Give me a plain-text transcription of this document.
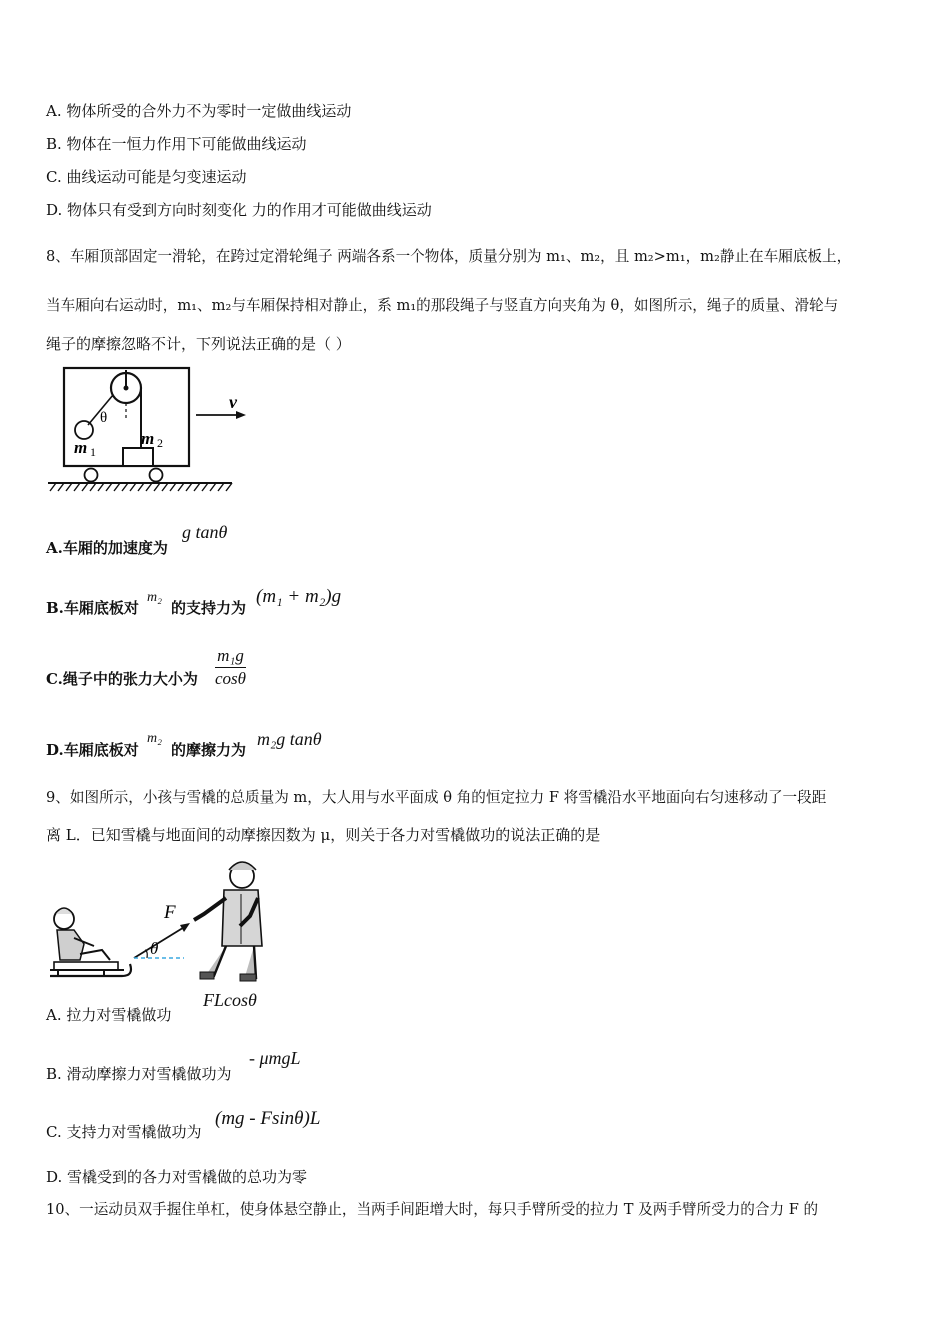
A. 物体所受的合外力不为零时一定做曲线运动
B. 物体在一恒力作用下可能做曲线运动
C. 曲线运动可能是匀变速运动
D. 物体只有受到方向时刻变化 力的作用才可能做曲线运动
8、车厢顶部固定一滑轮，在跨过定滑轮绳子 两端各系一个物体，质量分别为 m₁、m₂，且 m₂>m₁，m₂静止在车厢底板上，
当车厢向右运动时，m₁、m₂与车厢保持相对静止，系 m₁的那段绳子与竖直方向夹角为 θ，如图所示，绳子的质量、滑轮与
绳子的摩擦忽略不计，下列说法正确的是（ ）
v
θ
m 1
m 2
A.车厢的加速度为
g tanθ
B.车厢底板对
m₂
的支持力为
(m₁ + m₂)g
C.绳子中的张力大小为 $\frac{\text{m₁g}}{\cos\theta}$
D.车厢底板对
m₂
的摩擦力为
m₂g tanθ
9、如图所示，小孩与雪橇的总质量为 m，大人用与水平面成 θ 角的恒定拉力 F 将雪橇沿水平地面向右匀速移动了一段距
离 L．已知雪橇与地面间的动摩擦因数为 μ，则关于各力对雪橇做功的说法正确的是
F
θ
A. 拉力对雪橇做功
FLcosθ
B. 滑动摩擦力对雪橇做功为
- μmgL
C. 支持力对雪橇做功为
(mg - Fsinθ)L
D. 雪橇受到的各力对雪橇做的总功为零
10、一运动员双手握住单杠，使身体悬空静止，当两手间距增大时，每只手臂所受的拉力 T 及两手臂所受力的合力 F 的
